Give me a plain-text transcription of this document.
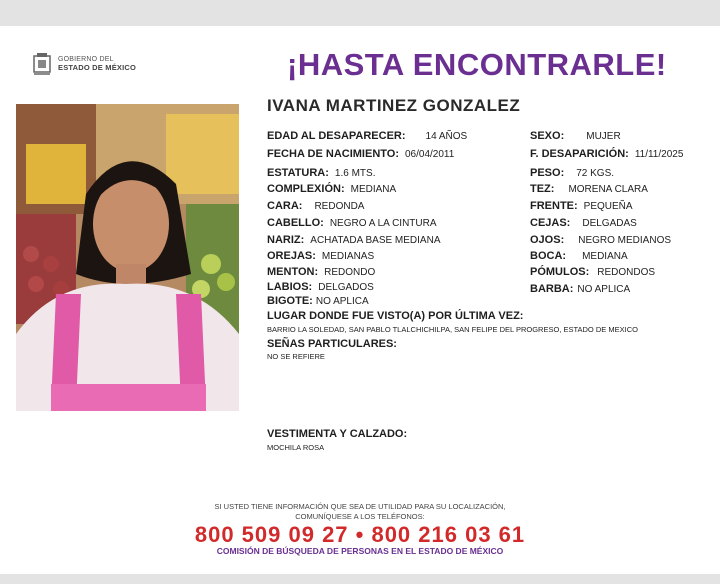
GOBIERNO DEL
ESTADO DE MÉXICO	¡HASTA ENCONTRARLE!
IVANA MARTINEZ GONZALEZ
EDAD AL DESAPARECER: 14 AÑOS
FECHA DE NACIMIENTO: 06/04/2011
ESTATURA: 1.6 MTS.
COMPLEXIÓN: MEDIANA
CARA: REDONDA
CABELLO: NEGRO A LA CINTURA
NARIZ: ACHATADA BASE MEDIANA
OREJAS: MEDIANAS
MENTON: REDONDO
LABIOS: DELGADOS
BIGOTE: NO APLICA
SEXO: MUJER
F. DESAPARICIÓN: 11/11/2025
PESO: 72 KGS.
TEZ: MORENA CLARA
FRENTE: PEQUEÑA
CEJAS: DELGADAS
OJOS: NEGRO MEDIANOS
BOCA: MEDIANA
PÓMULOS: REDONDOS
BARBA: NO APLICA
LUGAR DONDE FUE VISTO(A) POR ÚLTIMA VEZ:
BARRIO LA SOLEDAD, SAN PABLO TLALCHICHILPA, SAN FELIPE DEL PROGRESO, ESTADO DE MEXICO
SEÑAS PARTICULARES:
NO SE REFIERE
VESTIMENTA Y CALZADO:
MOCHILA ROSA
SI USTED TIENE INFORMACIÓN QUE SEA DE UTILIDAD PARA SU LOCALIZACIÓN,
COMUNÍQUESE A LOS TELÉFONOS:
800 509 09 27 • 800 216 03 61
COMISIÓN DE BÚSQUEDA DE PERSONAS EN EL ESTADO DE MÉXICO
